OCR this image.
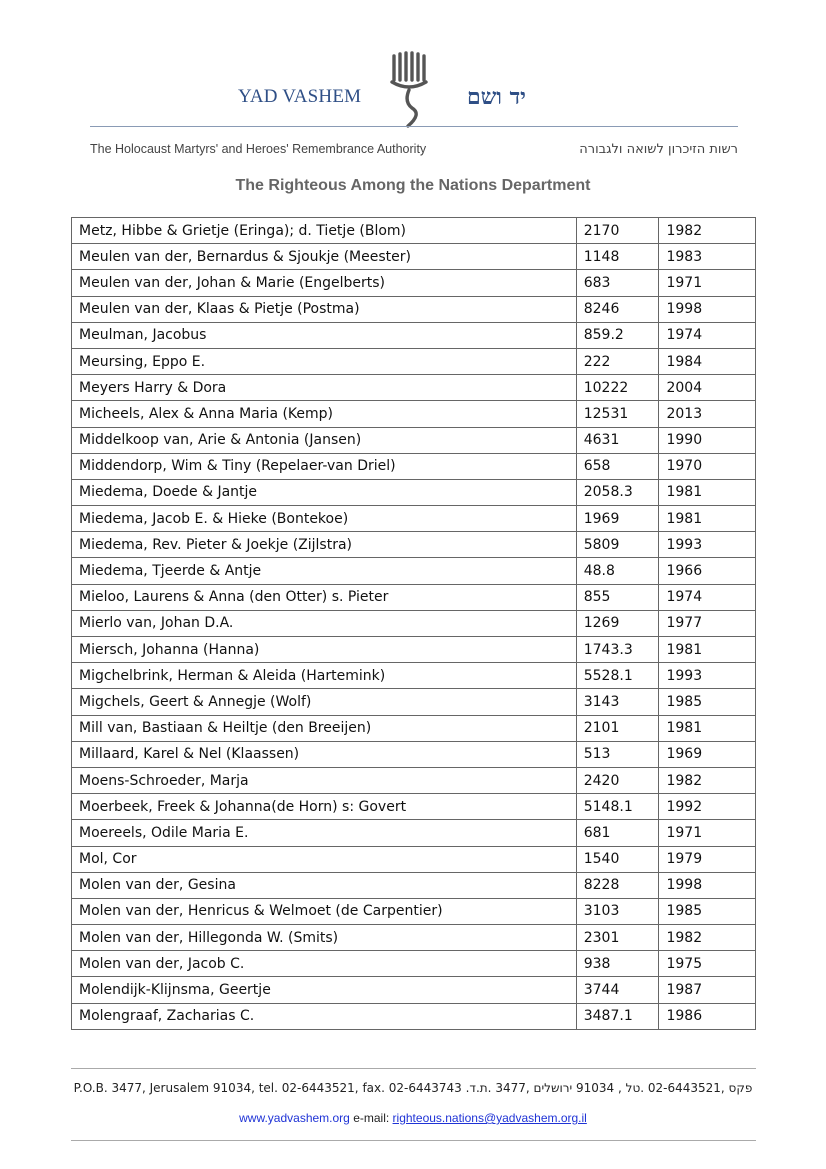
YAD VASHEM	יד ושם
The Holocaust Martyrs' and Heroes' Remembrance Authority	רשות הזיכרון לשואה ולגבורה
The Righteous Among the Nations Department
Metz, Hibbe & Grietje (Eringa); d. Tietje (Blom)	2170	1982
Meulen van der, Bernardus & Sjoukje (Meester)	1148	1983
Meulen van der, Johan & Marie (Engelberts)	683	1971
Meulen van der, Klaas & Pietje (Postma)	8246	1998
Meulman, Jacobus	859.2	1974
Meursing, Eppo E.	222	1984
Meyers Harry & Dora	10222	2004
Micheels, Alex & Anna Maria (Kemp)	12531	2013
Middelkoop van, Arie & Antonia (Jansen)	4631	1990
Middendorp, Wim & Tiny (Repelaer-van Driel)	658	1970
Miedema, Doede & Jantje	2058.3	1981
Miedema, Jacob E. & Hieke (Bontekoe)	1969	1981
Miedema, Rev. Pieter & Joekje (Zijlstra)	5809	1993
Miedema, Tjeerde & Antje	48.8	1966
Mieloo, Laurens & Anna (den Otter) s. Pieter	855	1974
Mierlo van, Johan D.A.	1269	1977
Miersch, Johanna (Hanna)	1743.3	1981
Migchelbrink, Herman & Aleida (Hartemink)	5528.1	1993
Migchels, Geert & Annegje (Wolf)	3143	1985
Mill van, Bastiaan & Heiltje (den Breeijen)	2101	1981
Millaard, Karel & Nel (Klaassen)	513	1969
Moens-Schroeder, Marja	2420	1982
Moerbeek, Freek & Johanna(de Horn) s: Govert	5148.1	1992
Moereels, Odile Maria E.	681	1971
Mol, Cor	1540	1979
Molen van der, Gesina	8228	1998
Molen van der, Henricus & Welmoet (de Carpentier)	3103	1985
Molen van der, Hillegonda W. (Smits)	2301	1982
Molen van der, Jacob C.	938	1975
Molendijk-Klijnsma, Geertje	3744	1987
Molengraaf, Zacharias C.	3487.1	1986
P.O.B. 3477, Jerusalem 91034, tel. 02-6443521, fax. 02-6443743 .פקס ,02-6443521 .טל , 91034 ירושלים ,3477 .ת.ד
www.yadvashem.org e-mail: righteous.nations@yadvashem.org.il
